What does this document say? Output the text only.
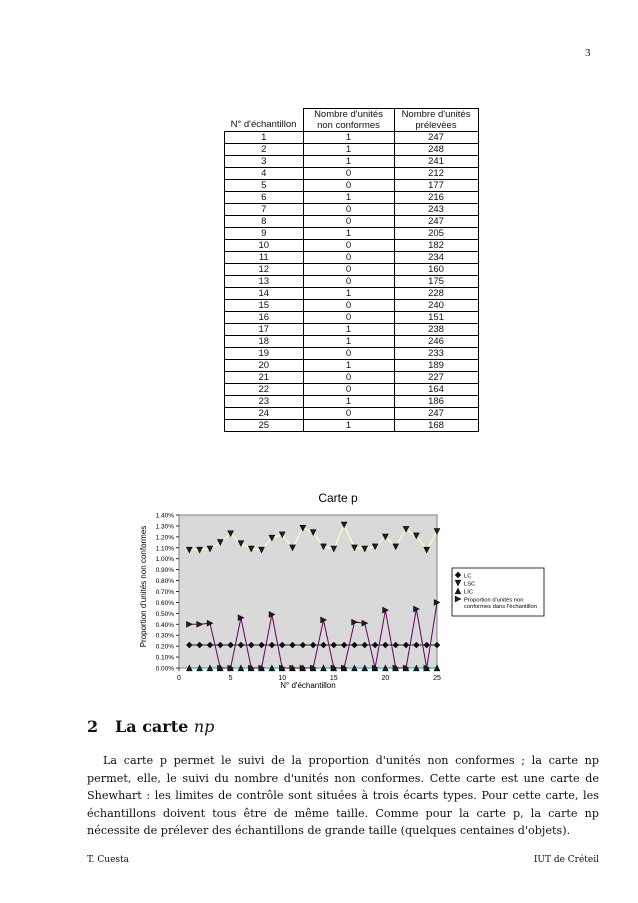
3
N° d'échantillon	Nombre d'unités non conformes	Nombre d'unités prélevées
1	1	247
2	1	248
3	1	241
4	0	212
5	0	177
6	1	216
7	0	243
8	0	247
9	1	205
10	0	182
11	0	234
12	0	160
13	0	175
14	1	228
15	0	240
16	0	151
17	1	238
18	1	246
19	0	233
20	1	189
21	0	227
22	0	164
23	1	186
24	0	247
25	1	168
Carte p
0.00%
0.10%
0.20%
0.30%
0.40%
0.50%
0.60%
0.70%
0.80%
0.90%
1.00%
1.10%
1.20%
1.30%
1.40%
0	5	10	15	20	25
N° d'échantillon
Proportion d'unités non conformes	LC
LSC
LIC
Proportion d'unités non
conformes dans l'échantillon
2 La carte np

La carte p permet le suivi de la proportion d'unités non conformes ; la carte np permet, elle, le suivi du nombre d'unités non conformes. Cette carte est une carte de Shewhart : les limites de contrôle sont situées à trois écarts types. Pour cette carte, les échantillons doivent tous être de même taille. Comme pour la carte p, la carte np nécessite de prélever des échantillons de grande taille (quelques centaines d'objets).

T. Cuesta	IUT de Créteil
